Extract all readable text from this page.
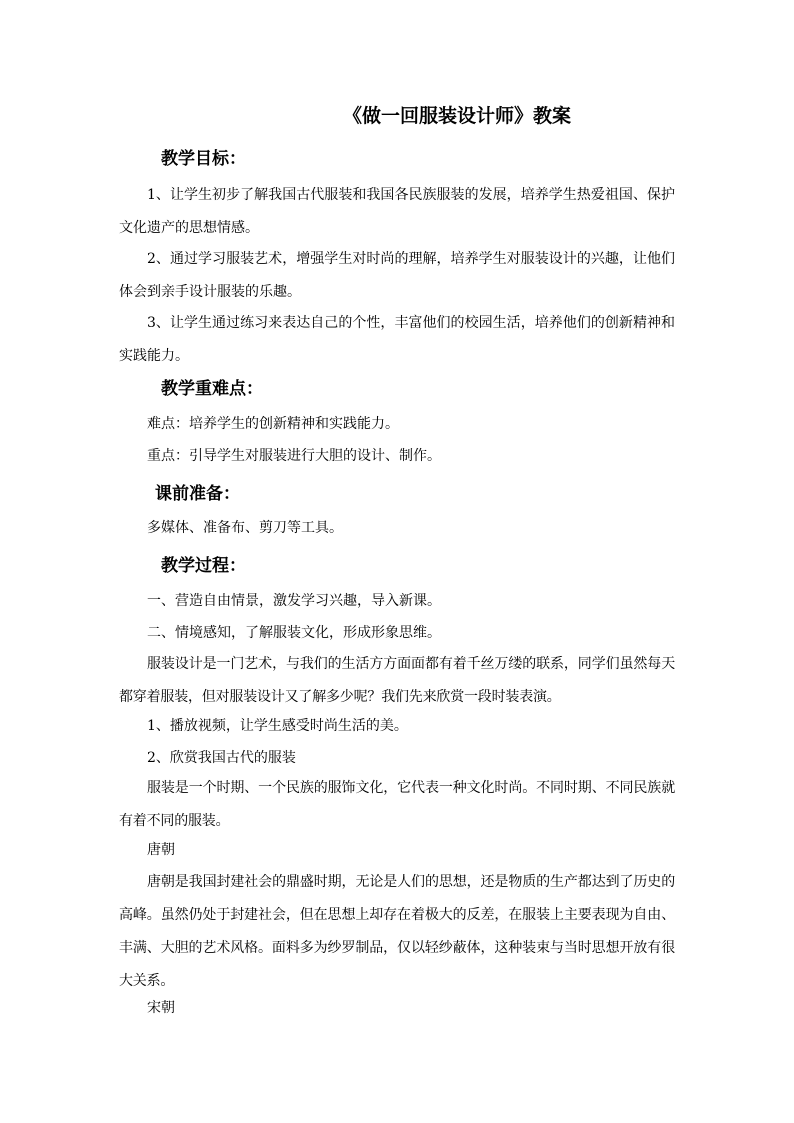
《做一回服装设计师》教案
教学目标：

1、让学生初步了解我国古代服装和我国各民族服装的发展，培养学生热爱祖国、保护文化遗产的思想情感。

2、通过学习服装艺术，增强学生对时尚的理解，培养学生对服装设计的兴趣，让他们体会到亲手设计服装的乐趣。

3、让学生通过练习来表达自己的个性，丰富他们的校园生活，培养他们的创新精神和实践能力。

教学重难点：

难点：培养学生的创新精神和实践能力。

重点：引导学生对服装进行大胆的设计、制作。

课前准备：

多媒体、准备布、剪刀等工具。

教学过程：

一、营造自由情景，激发学习兴趣，导入新课。

二、情境感知，了解服装文化，形成形象思维。

服装设计是一门艺术，与我们的生活方方面面都有着千丝万缕的联系，同学们虽然每天都穿着服装，但对服装设计又了解多少呢？我们先来欣赏一段时装表演。

1、播放视频，让学生感受时尚生活的美。

2、欣赏我国古代的服装

服装是一个时期、一个民族的服饰文化，它代表一种文化时尚。不同时期、不同民族就有着不同的服装。

唐朝

唐朝是我国封建社会的鼎盛时期，无论是人们的思想，还是物质的生产都达到了历史的高峰。虽然仍处于封建社会，但在思想上却存在着极大的反差，在服装上主要表现为自由、丰满、大胆的艺术风格。面料多为纱罗制品，仅以轻纱蔽体，这种装束与当时思想开放有很大关系。

宋朝
